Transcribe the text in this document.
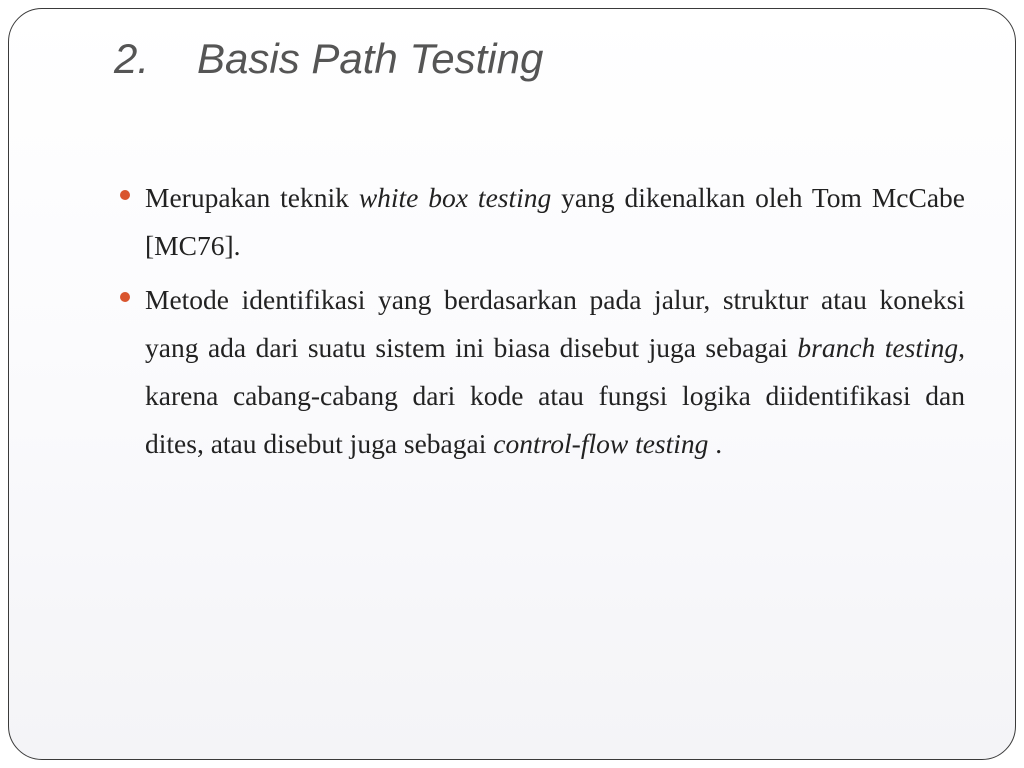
2. Basis Path Testing

Merupakan teknik white box testing yang dikenalkan oleh Tom McCabe [MC76].

Metode identifikasi yang berdasarkan pada jalur, struktur atau koneksi yang ada dari suatu sistem ini biasa disebut juga sebagai branch testing, karena cabang-cabang dari kode atau fungsi logika diidentifikasi dan dites, atau disebut juga sebagai control-flow testing .
